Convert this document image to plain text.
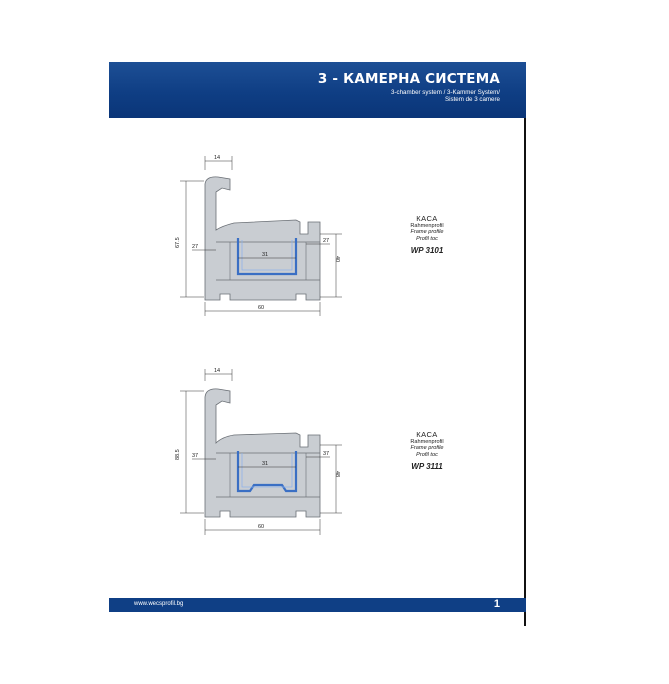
3 - КАМЕРНА СИСТЕМА
3-chamber system / 3-Kammer System/
Sistem de 3 camere
14
67.5
31
27
27
40
60
КАСА
Rahmenprofil
Frame profile
Profil toc
WP 3101
14
88.5
31
37	37
48
60
КАСА
Rahmenprofil
Frame profile
Profil toc
WP 3111
www.wecsprofil.bg	1
